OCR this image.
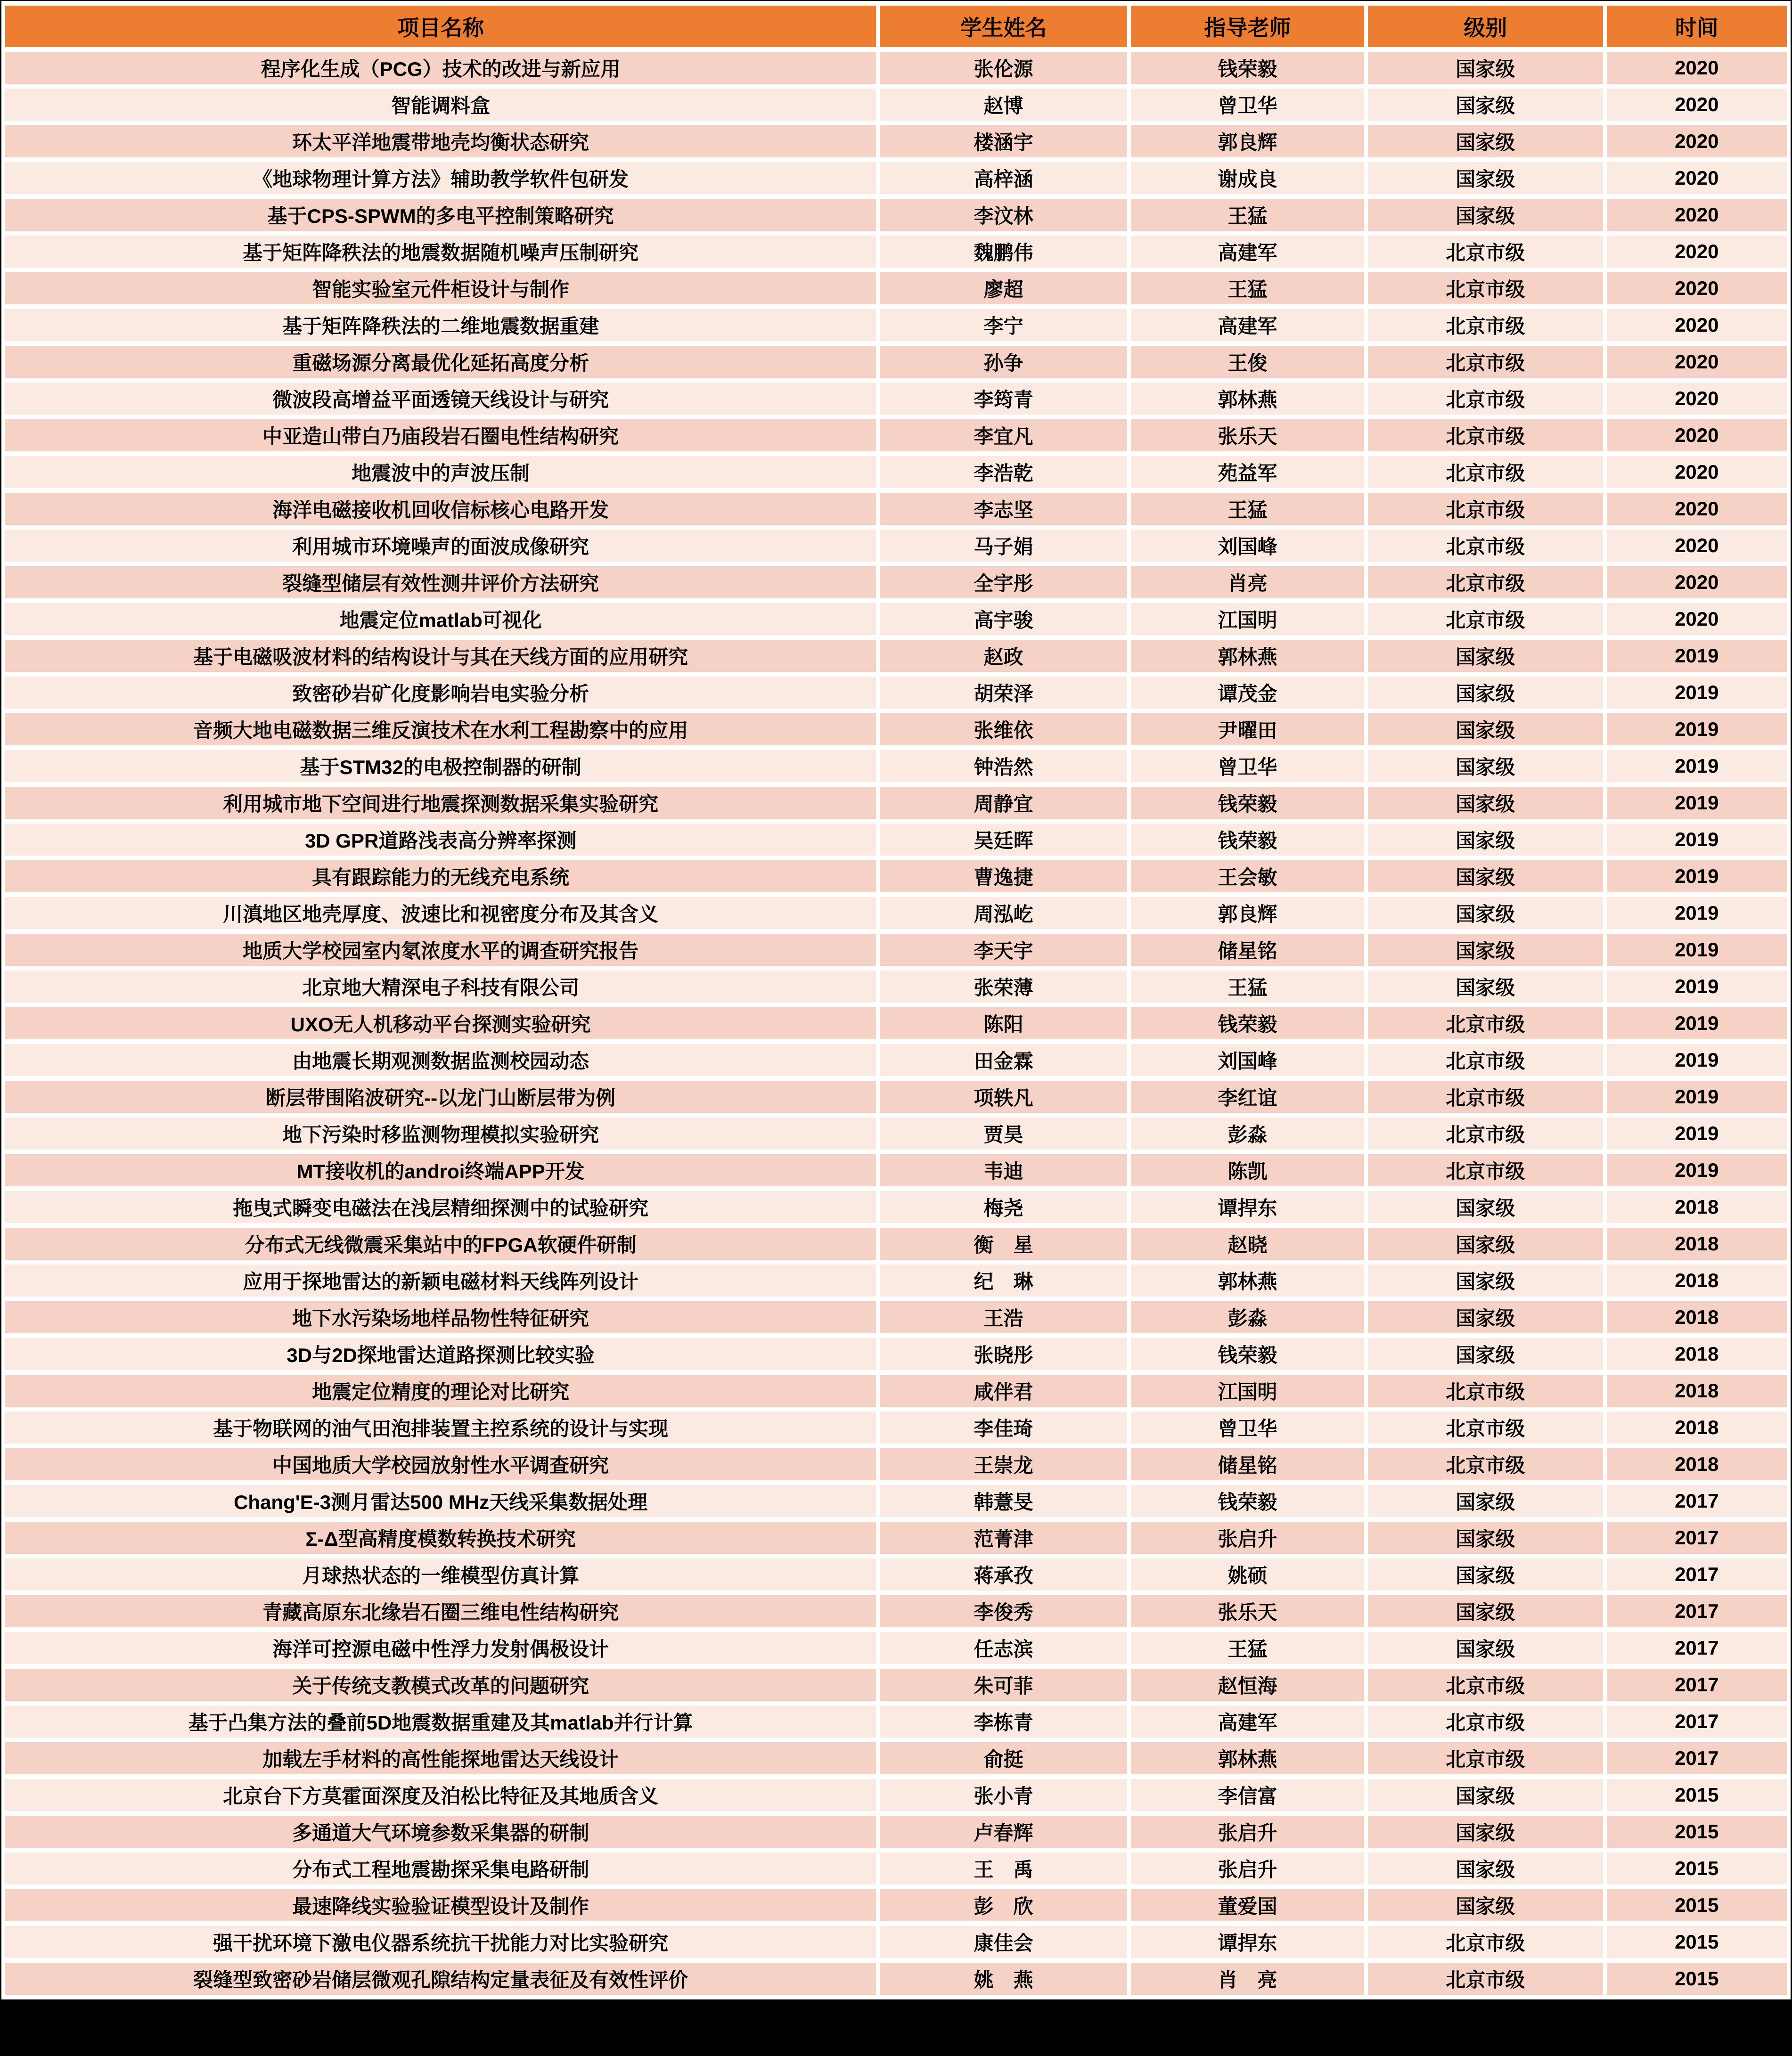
项目名称	学生姓名	指导老师	级别	时间
程序化生成（PCG）技术的改进与新应用	张伦源	钱荣毅	国家级	2020
智能调料盒	赵博	曾卫华	国家级	2020
环太平洋地震带地壳均衡状态研究	楼涵宇	郭良辉	国家级	2020
《地球物理计算方法》辅助教学软件包研发	高梓涵	谢成良	国家级	2020
基于CPS-SPWM的多电平控制策略研究	李汶林	王猛	国家级	2020
基于矩阵降秩法的地震数据随机噪声压制研究	魏鹏伟	高建军	北京市级	2020
智能实验室元件柜设计与制作	廖超	王猛	北京市级	2020
基于矩阵降秩法的二维地震数据重建	李宁	高建军	北京市级	2020
重磁场源分离最优化延拓高度分析	孙争	王俊	北京市级	2020
微波段高增益平面透镜天线设计与研究	李筠青	郭林燕	北京市级	2020
中亚造山带白乃庙段岩石圈电性结构研究	李宜凡	张乐天	北京市级	2020
地震波中的声波压制	李浩乾	苑益军	北京市级	2020
海洋电磁接收机回收信标核心电路开发	李志坚	王猛	北京市级	2020
利用城市环境噪声的面波成像研究	马子娟	刘国峰	北京市级	2020
裂缝型储层有效性测井评价方法研究	全宇彤	肖亮	北京市级	2020
地震定位matlab可视化	高宇骏	江国明	北京市级	2020
基于电磁吸波材料的结构设计与其在天线方面的应用研究	赵政	郭林燕	国家级	2019
致密砂岩矿化度影响岩电实验分析	胡荣泽	谭茂金	国家级	2019
音频大地电磁数据三维反演技术在水利工程勘察中的应用	张维依	尹曜田	国家级	2019
基于STM32的电极控制器的研制	钟浩然	曾卫华	国家级	2019
利用城市地下空间进行地震探测数据采集实验研究	周静宜	钱荣毅	国家级	2019
3D GPR道路浅表高分辨率探测	吴廷晖	钱荣毅	国家级	2019
具有跟踪能力的无线充电系统	曹逸捷	王会敏	国家级	2019
川滇地区地壳厚度、波速比和视密度分布及其含义	周泓屹	郭良辉	国家级	2019
地质大学校园室内氡浓度水平的调查研究报告	李天宇	储星铭	国家级	2019
北京地大精深电子科技有限公司	张荣薄	王猛	国家级	2019
UXO无人机移动平台探测实验研究	陈阳	钱荣毅	北京市级	2019
由地震长期观测数据监测校园动态	田金霖	刘国峰	北京市级	2019
断层带围陷波研究--以龙门山断层带为例	项轶凡	李红谊	北京市级	2019
地下污染时移监测物理模拟实验研究	贾昊	彭淼	北京市级	2019
MT接收机的androi终端APP开发	韦迪	陈凯	北京市级	2019
拖曳式瞬变电磁法在浅层精细探测中的试验研究	梅尧	谭捍东	国家级	2018
分布式无线微震采集站中的FPGA软硬件研制	衡　星	赵晓	国家级	2018
应用于探地雷达的新颖电磁材料天线阵列设计	纪　琳	郭林燕	国家级	2018
地下水污染场地样品物性特征研究	王浩	彭淼	国家级	2018
3D与2D探地雷达道路探测比较实验	张晓彤	钱荣毅	国家级	2018
地震定位精度的理论对比研究	咸伴君	江国明	北京市级	2018
基于物联网的油气田泡排装置主控系统的设计与实现	李佳琦	曾卫华	北京市级	2018
中国地质大学校园放射性水平调查研究	王崇龙	储星铭	北京市级	2018
Chang'E-3测月雷达500 MHz天线采集数据处理	韩薏旻	钱荣毅	国家级	2017
Σ-Δ型高精度模数转换技术研究	范菁津	张启升	国家级	2017
月球热状态的一维模型仿真计算	蒋承孜	姚硕	国家级	2017
青藏高原东北缘岩石圈三维电性结构研究	李俊秀	张乐天	国家级	2017
海洋可控源电磁中性浮力发射偶极设计	任志滨	王猛	国家级	2017
关于传统支教模式改革的问题研究	朱可菲	赵恒海	北京市级	2017
基于凸集方法的叠前5D地震数据重建及其matlab并行计算	李栋青	高建军	北京市级	2017
加载左手材料的高性能探地雷达天线设计	俞挺	郭林燕	北京市级	2017
北京台下方莫霍面深度及泊松比特征及其地质含义	张小青	李信富	国家级	2015
多通道大气环境参数采集器的研制	卢春辉	张启升	国家级	2015
分布式工程地震勘探采集电路研制	王　禹	张启升	国家级	2015
最速降线实验验证模型设计及制作	彭　欣	董爱国	国家级	2015
强干扰环境下激电仪器系统抗干扰能力对比实验研究	康佳会	谭捍东	北京市级	2015
裂缝型致密砂岩储层微观孔隙结构定量表征及有效性评价	姚　燕	肖　亮	北京市级	2015
